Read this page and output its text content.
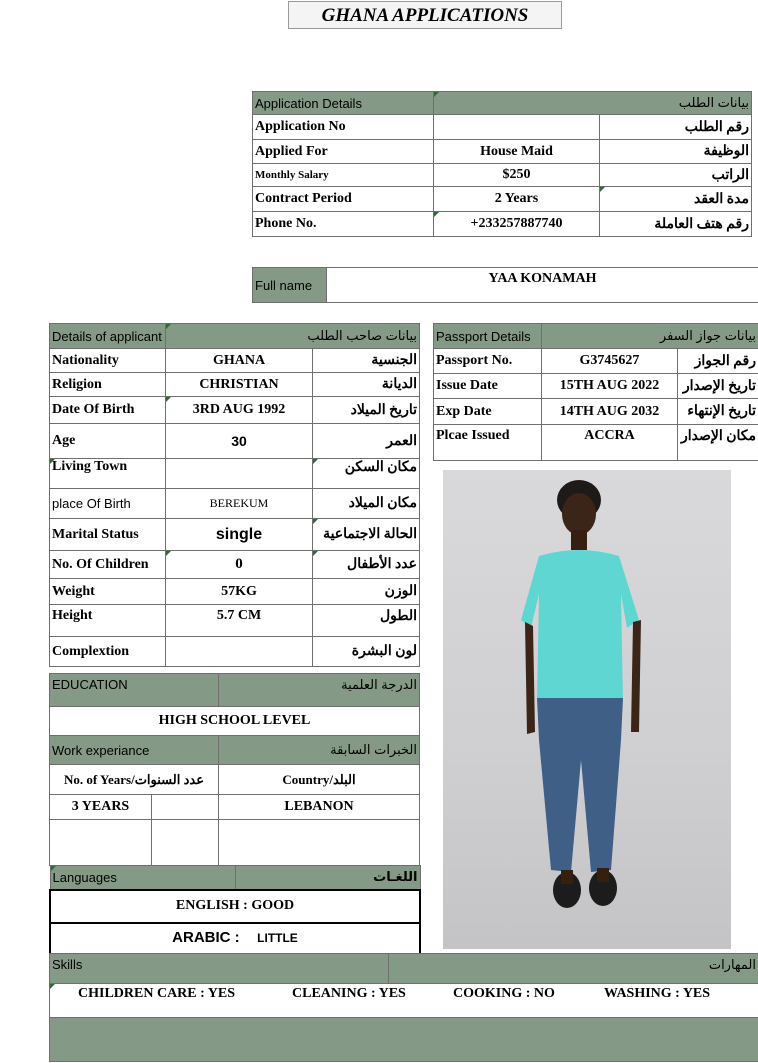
GHANA APPLICATIONS
Application Details	بيانات الطلب	
Application No		رقم الطلب
Applied For	House Maid	الوظيفة
Monthly Salary	$250	الراتب
Contract Period	2 Years	مدة العقد
Phone No.	+233257887740	رقم هتف العاملة
Full name	YAA KONAMAH
Details of applicant	بيانات صاحب الطلب	
Nationality	GHANA	الجنسية
Religion	CHRISTIAN	الديانة
Date Of Birth	3RD AUG 1992	تاريخ الميلاد
Age	30	العمر
Living Town		مكان السكن
place Of Birth	BEREKUM	مكان الميلاد
Marital Status	single	الحالة الاجتماعية
No. Of Children	0	عدد الأطفال
Weight	57KG	الوزن
Height	5.7 CM	الطول
Complextion		لون البشرة
Passport Details	بيانات جواز السفر	
Passport No.	G3745627	رقم الجواز
Issue Date	15TH AUG 2022	تاريخ الإصدار
Exp Date	14TH AUG 2032	تاريخ الإنتهاء
Plcae Issued	ACCRA	مكان الإصدار
EDUCATION	الدرجة العلمية
HIGH SCHOOL LEVEL
Work experiance		الخبرات السابقة
No. of Years/عدد السنوات		Country/البلد
3 YEARS		LEBANON

Languages	اللغـات
ENGLISH : GOOD
ARABIC : LITTLE
Skills	المهارات

CHILDREN CARE : YES	CLEANING : YES	COOKING : NO	WASHING : YES
